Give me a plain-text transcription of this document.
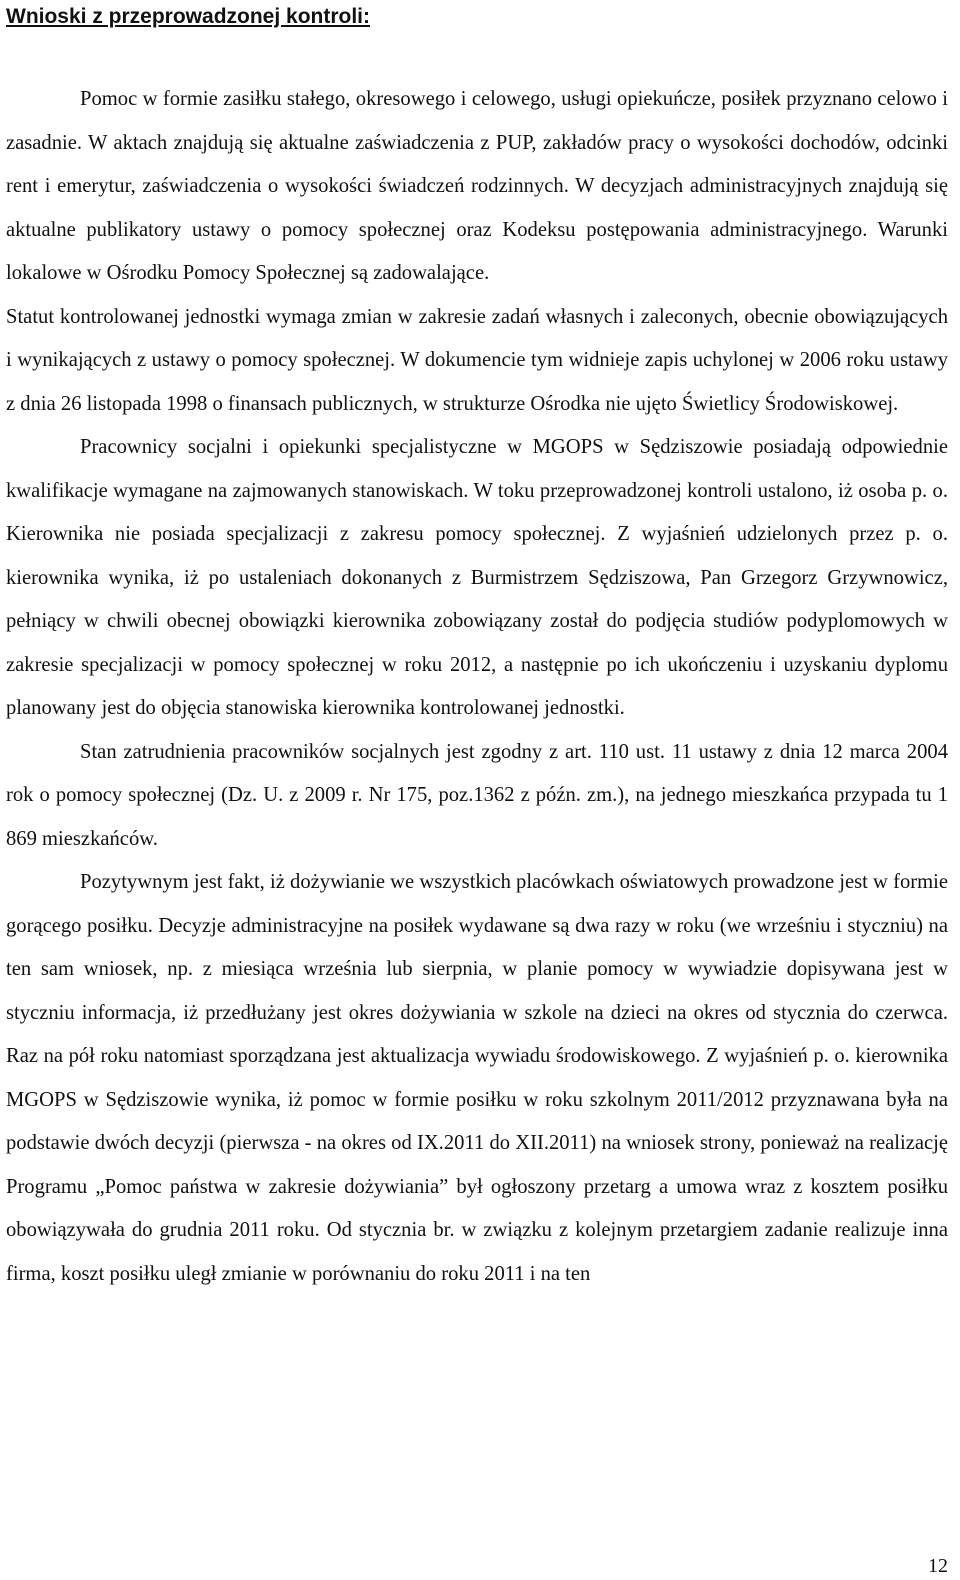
Wnioski z przeprowadzonej kontroli:

Pomoc w formie zasiłku stałego, okresowego i celowego, usługi opiekuńcze, posiłek przyznano celowo i zasadnie. W aktach znajdują się aktualne zaświadczenia z PUP, zakładów pracy o wysokości dochodów, odcinki rent i emerytur, zaświadczenia o wysokości świadczeń rodzinnych. W decyzjach administracyjnych znajdują się aktualne publikatory ustawy o pomocy społecznej oraz Kodeksu postępowania administracyjnego. Warunki lokalowe w Ośrodku Pomocy Społecznej są zadowalające.

Statut kontrolowanej jednostki wymaga zmian w zakresie zadań własnych i zaleconych, obecnie obowiązujących i wynikających z ustawy o pomocy społecznej. W dokumencie tym widnieje zapis uchylonej w 2006 roku ustawy z dnia 26 listopada 1998 o finansach publicznych, w strukturze Ośrodka nie ujęto Świetlicy Środowiskowej.

Pracownicy socjalni i opiekunki specjalistyczne w MGOPS w Sędziszowie posiadają odpowiednie kwalifikacje wymagane na zajmowanych stanowiskach. W toku przeprowadzonej kontroli ustalono, iż osoba p. o. Kierownika nie posiada specjalizacji z zakresu pomocy społecznej. Z wyjaśnień udzielonych przez p. o. kierownika wynika, iż po ustaleniach dokonanych z Burmistrzem Sędziszowa, Pan Grzegorz Grzywnowicz, pełniący w chwili obecnej obowiązki kierownika zobowiązany został do podjęcia studiów podyplomowych w zakresie specjalizacji w pomocy społecznej w roku 2012, a następnie po ich ukończeniu i uzyskaniu dyplomu planowany jest do objęcia stanowiska kierownika kontrolowanej jednostki.

Stan zatrudnienia pracowników socjalnych jest zgodny z art. 110 ust. 11 ustawy z dnia 12 marca 2004 rok o pomocy społecznej (Dz. U. z 2009 r. Nr 175, poz.1362 z późn. zm.), na jednego mieszkańca przypada tu 1 869 mieszkańców.

Pozytywnym jest fakt, iż dożywianie we wszystkich placówkach oświatowych prowadzone jest w formie gorącego posiłku. Decyzje administracyjne na posiłek wydawane są dwa razy w roku (we wrześniu i styczniu) na ten sam wniosek, np. z miesiąca września lub sierpnia, w planie pomocy w wywiadzie dopisywana jest w styczniu informacja, iż przedłużany jest okres dożywiania w szkole na dzieci na okres od stycznia do czerwca. Raz na pół roku natomiast sporządzana jest aktualizacja wywiadu środowiskowego. Z wyjaśnień p. o. kierownika MGOPS w Sędziszowie wynika, iż pomoc w formie posiłku w roku szkolnym 2011/2012 przyznawana była na podstawie dwóch decyzji (pierwsza - na okres od IX.2011 do XII.2011) na wniosek strony, ponieważ na realizację Programu „Pomoc państwa w zakresie dożywiania” był ogłoszony przetarg a umowa wraz z kosztem posiłku obowiązywała do grudnia 2011 roku. Od stycznia br. w związku z kolejnym przetargiem zadanie realizuje inna firma, koszt posiłku uległ zmianie w porównaniu do roku 2011 i na ten

12
